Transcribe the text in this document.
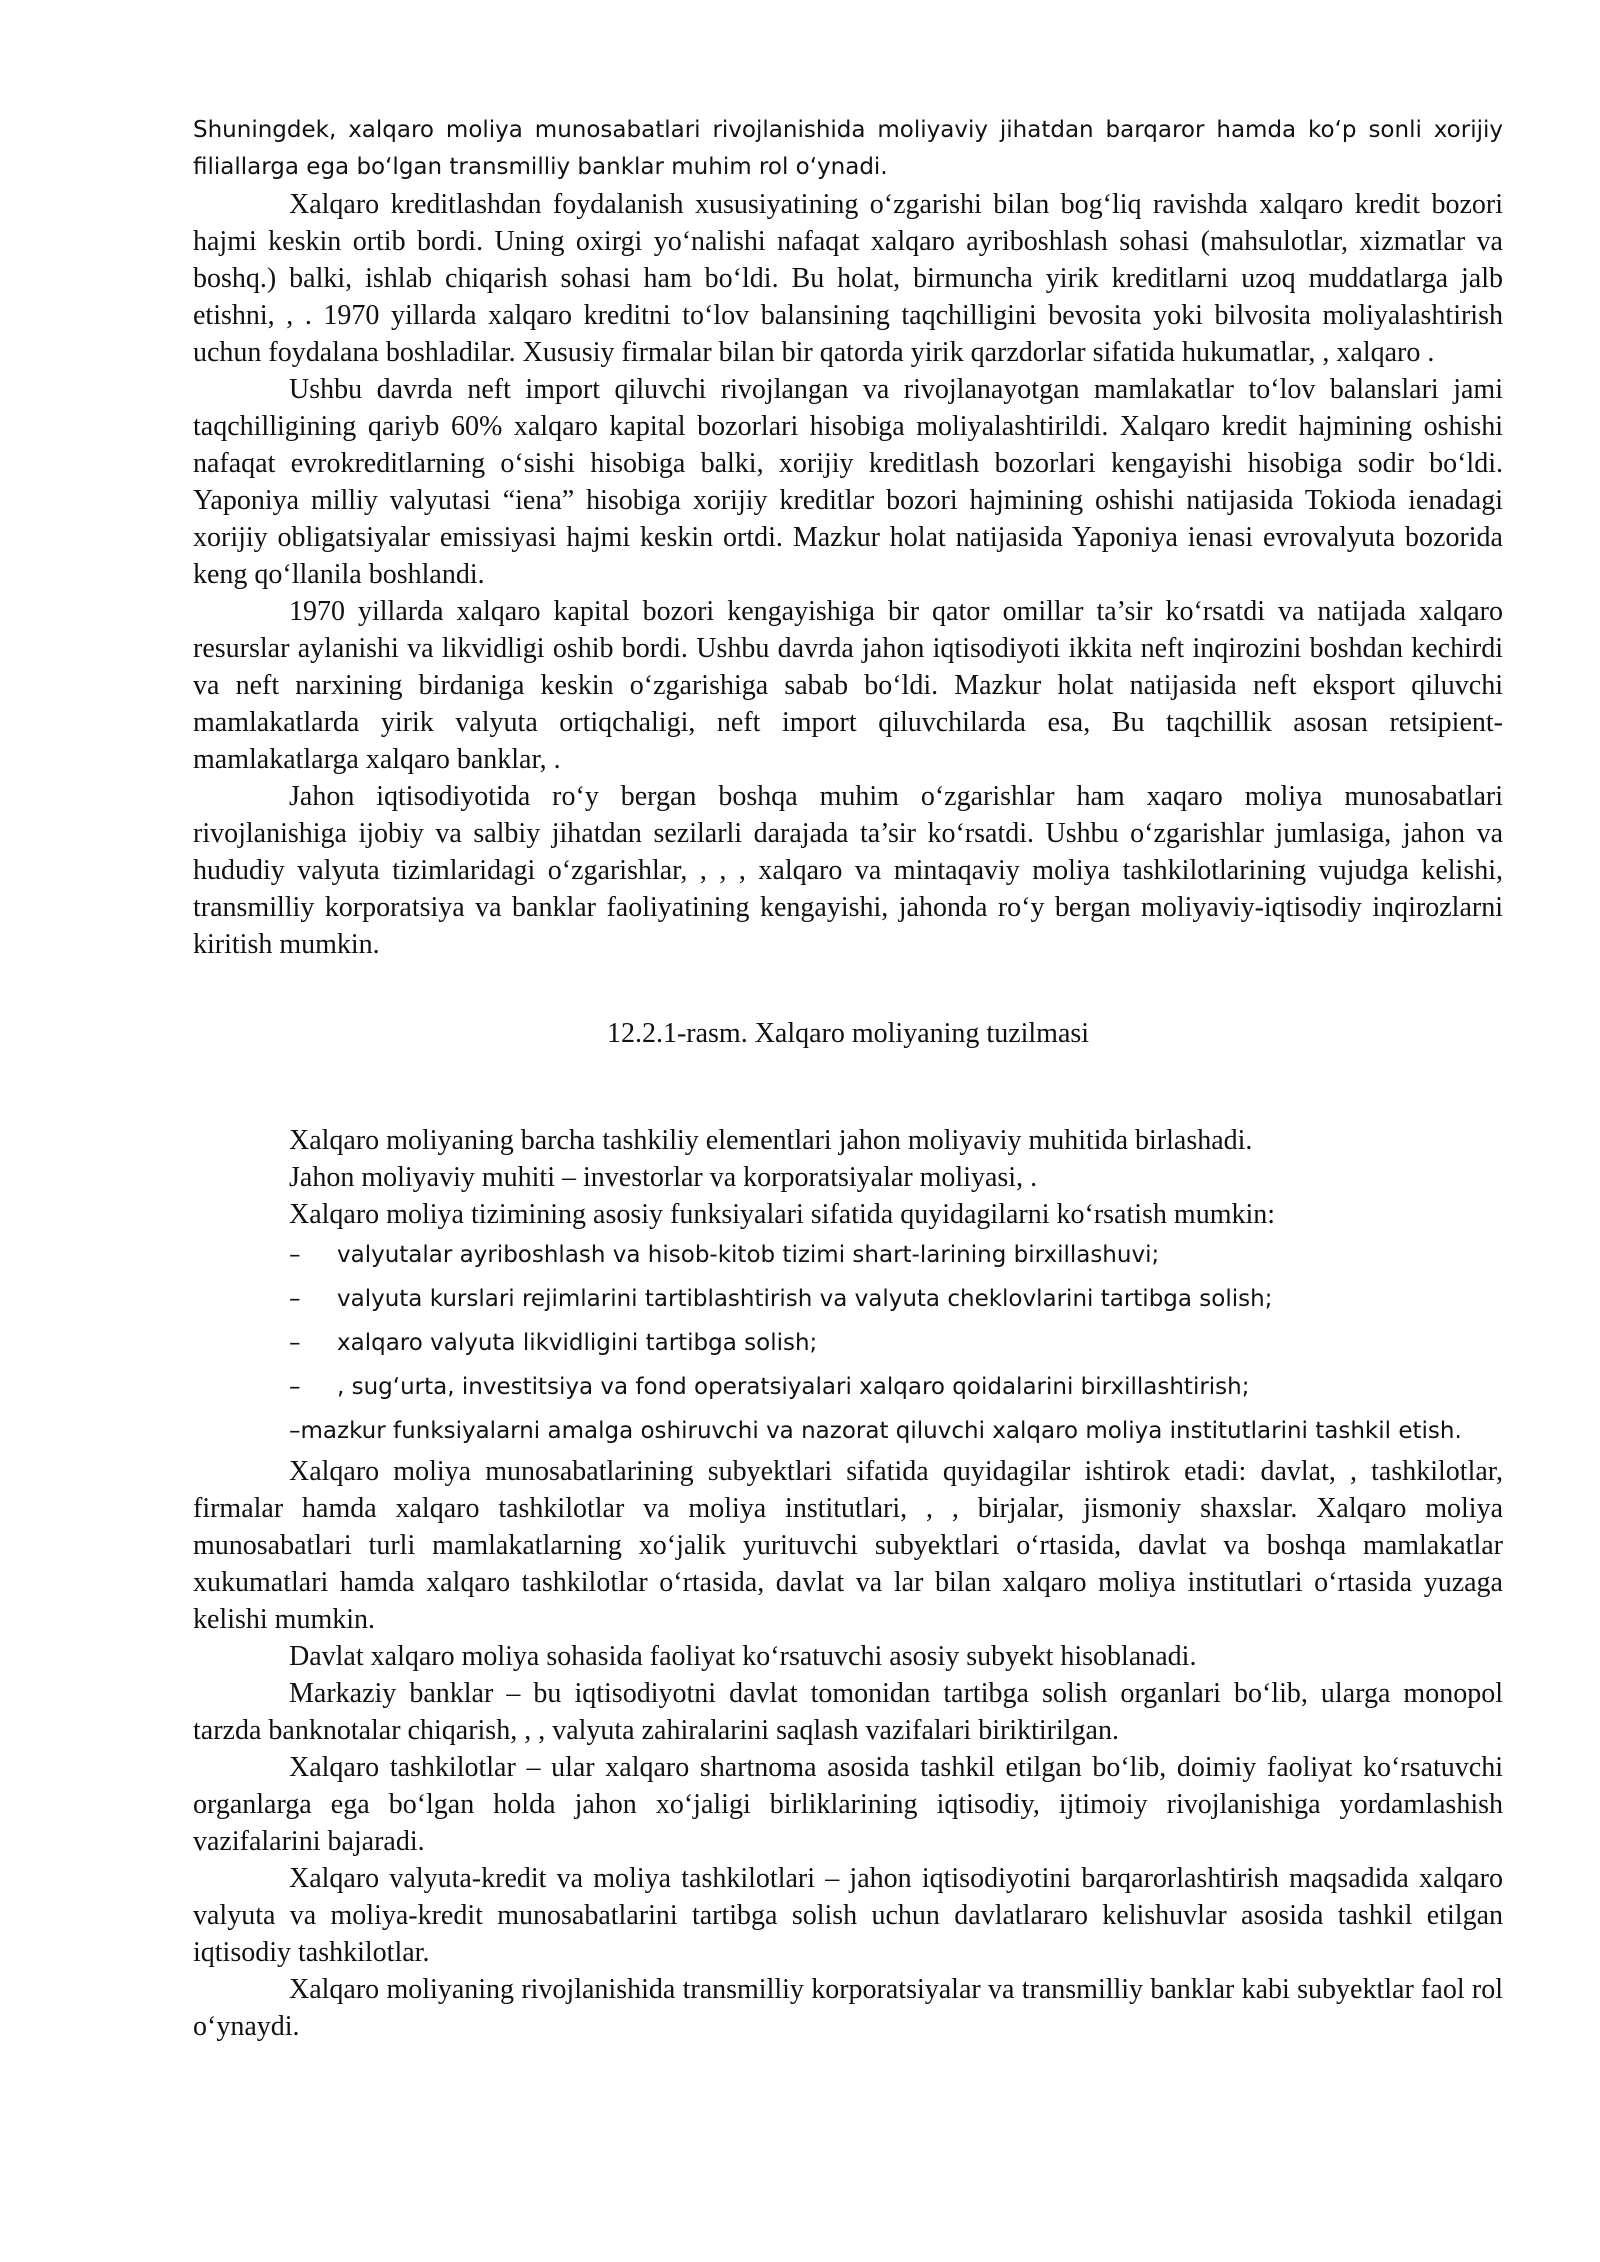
Shuningdek, xalqaro moliya munosabatlari rivojlanishida moliyaviy jihatdan barqaror hamda ko‘p sonli xorijiy filiallarga ega bo‘lgan transmilliy banklar muhim rol o‘ynadi.

Xalqaro kreditlashdan foydalanish xususiyatining o‘zgarishi bilan bog‘liq ravishda xalqaro kredit bozori hajmi keskin ortib bordi. Uning oxirgi yo‘nalishi nafaqat xalqaro ayriboshlash sohasi (mahsulotlar, xizmatlar va boshq.) balki, ishlab chiqarish sohasi ham bo‘ldi. Bu holat, birmuncha yirik kreditlarni uzoq muddatlarga jalb etishni, , . 1970 yillarda xalqaro kreditni to‘lov balansining taqchilligini bevosita yoki bilvosita moliyalashtirish uchun foydalana boshladilar. Xususiy firmalar bilan bir qatorda yirik qarzdorlar sifatida hukumatlar, , xalqaro .

Ushbu davrda neft import qiluvchi rivojlangan va rivojlanayotgan mamlakatlar to‘lov balanslari jami taqchilligining qariyb 60% xalqaro kapital bozorlari hisobiga moliyalashtirildi. Xalqaro kredit hajmining oshishi nafaqat evrokreditlarning o‘sishi hisobiga balki, xorijiy kreditlash bozorlari kengayishi hisobiga sodir bo‘ldi. Yaponiya milliy valyutasi “iena” hisobiga xorijiy kreditlar bozori hajmining oshishi natijasida Tokioda ienadagi xorijiy obligatsiyalar emissiyasi hajmi keskin ortdi. Mazkur holat natijasida Yaponiya ienasi evrovalyuta bozorida keng qo‘llanila boshlandi.

1970 yillarda xalqaro kapital bozori kengayishiga bir qator omillar ta’sir ko‘rsatdi va natijada xalqaro resurslar aylanishi va likvidligi oshib bordi. Ushbu davrda jahon iqtisodiyoti ikkita neft inqirozini boshdan kechirdi va neft narxining birdaniga keskin o‘zgarishiga sabab bo‘ldi. Mazkur holat natijasida neft eksport qiluvchi mamlakatlarda yirik valyuta ortiqchaligi, neft import qiluvchilarda esa, Bu taqchillik asosan retsipient-mamlakatlarga xalqaro banklar, .

Jahon iqtisodiyotida ro‘y bergan boshqa muhim o‘zgarishlar ham xaqaro moliya munosabatlari rivojlanishiga ijobiy va salbiy jihatdan sezilarli darajada ta’sir ko‘rsatdi. Ushbu o‘zgarishlar jumlasiga, jahon va hududiy valyuta tizimlaridagi o‘zgarishlar, , , , xalqaro va mintaqaviy moliya tashkilotlarining vujudga kelishi, transmilliy korporatsiya va banklar faoliyatining kengayishi, jahonda ro‘y bergan moliyaviy-iqtisodiy inqirozlarni kiritish mumkin.

12.2.1-rasm. Xalqaro moliyaning tuzilmasi

Xalqaro moliyaning barcha tashkiliy elementlari jahon moliyaviy muhitida birlashadi.

Jahon moliyaviy muhiti – investorlar va korporatsiyalar moliyasi, .

Xalqaro moliya tizimining asosiy funksiyalari sifatida quyidagilarni ko‘rsatish mumkin:

– valyutalar ayriboshlash va hisob-kitob tizimi shart-larining birxillashuvi;

– valyuta kurslari rejimlarini tartiblashtirish va valyuta cheklovlarini tartibga solish;

– xalqaro valyuta likvidligini tartibga solish;

– , sug‘urta, investitsiya va fond operatsiyalari xalqaro qoidalarini birxillashtirish;

–mazkur funksiyalarni amalga oshiruvchi va nazorat qiluvchi xalqaro moliya institutlarini tashkil etish.

Xalqaro moliya munosabatlarining subyektlari sifatida quyidagilar ishtirok etadi: davlat, , tashkilotlar, firmalar hamda xalqaro tashkilotlar va moliya institutlari, , , birjalar, jismoniy shaxslar. Xalqaro moliya munosabatlari turli mamlakatlarning xo‘jalik yurituvchi subyektlari o‘rtasida, davlat va boshqa mamlakatlar xukumatlari hamda xalqaro tashkilotlar o‘rtasida, davlat va lar bilan xalqaro moliya institutlari o‘rtasida yuzaga kelishi mumkin.

Davlat xalqaro moliya sohasida faoliyat ko‘rsatuvchi asosiy subyekt hisoblanadi.

Markaziy banklar – bu iqtisodiyotni davlat tomonidan tartibga solish organlari bo‘lib, ularga monopol tarzda banknotalar chiqarish, , , valyuta zahiralarini saqlash vazifalari biriktirilgan.

Xalqaro tashkilotlar – ular xalqaro shartnoma asosida tashkil etilgan bo‘lib, doimiy faoliyat ko‘rsatuvchi organlarga ega bo‘lgan holda jahon xo‘jaligi birliklarining iqtisodiy, ijtimoiy rivojlanishiga yordamlashish vazifalarini bajaradi.

Xalqaro valyuta-kredit va moliya tashkilotlari – jahon iqtisodiyotini barqarorlashtirish maqsadida xalqaro valyuta va moliya-kredit munosabatlarini tartibga solish uchun davlatlararo kelishuvlar asosida tashkil etilgan iqtisodiy tashkilotlar.

Xalqaro moliyaning rivojlanishida transmilliy korporatsiyalar va transmilliy banklar kabi subyektlar faol rol o‘ynaydi.
